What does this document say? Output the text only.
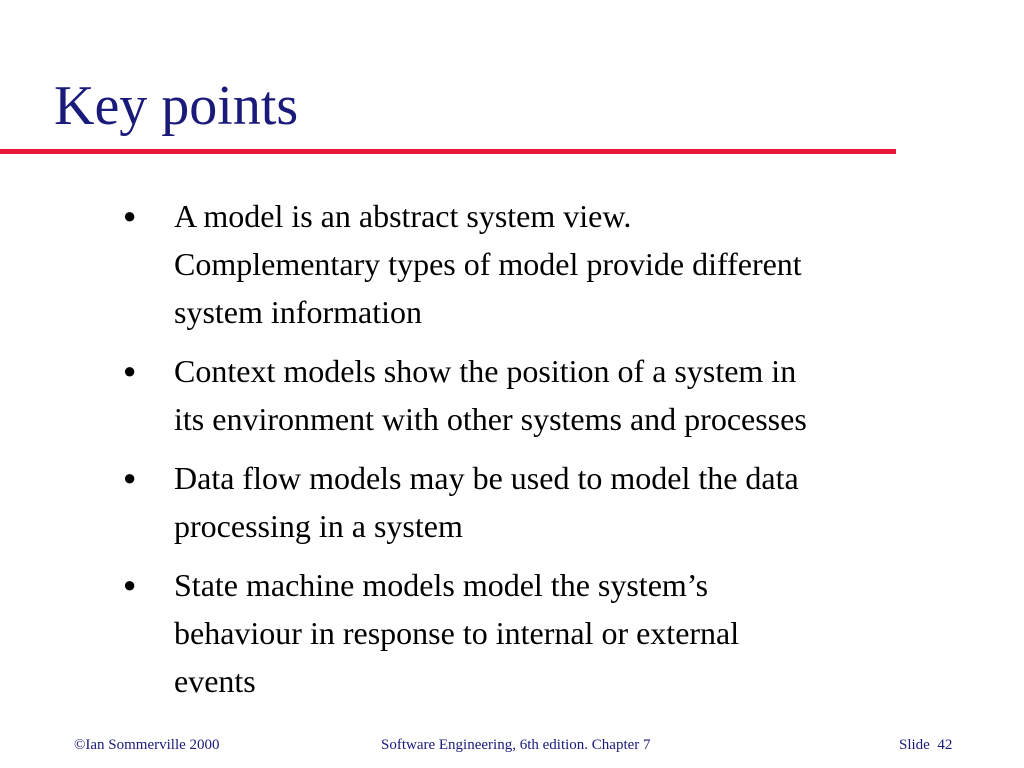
Key points
● A model is an abstract system view.
Complementary types of model provide different
system information
● Context models show the position of a system in
its environment with other systems and processes
● Data flow models may be used to model the data
processing in a system
● State machine models model the system’s
behaviour in response to internal or external
events
©Ian Sommerville 2000	Software Engineering, 6th edition. Chapter 7	Slide  42
